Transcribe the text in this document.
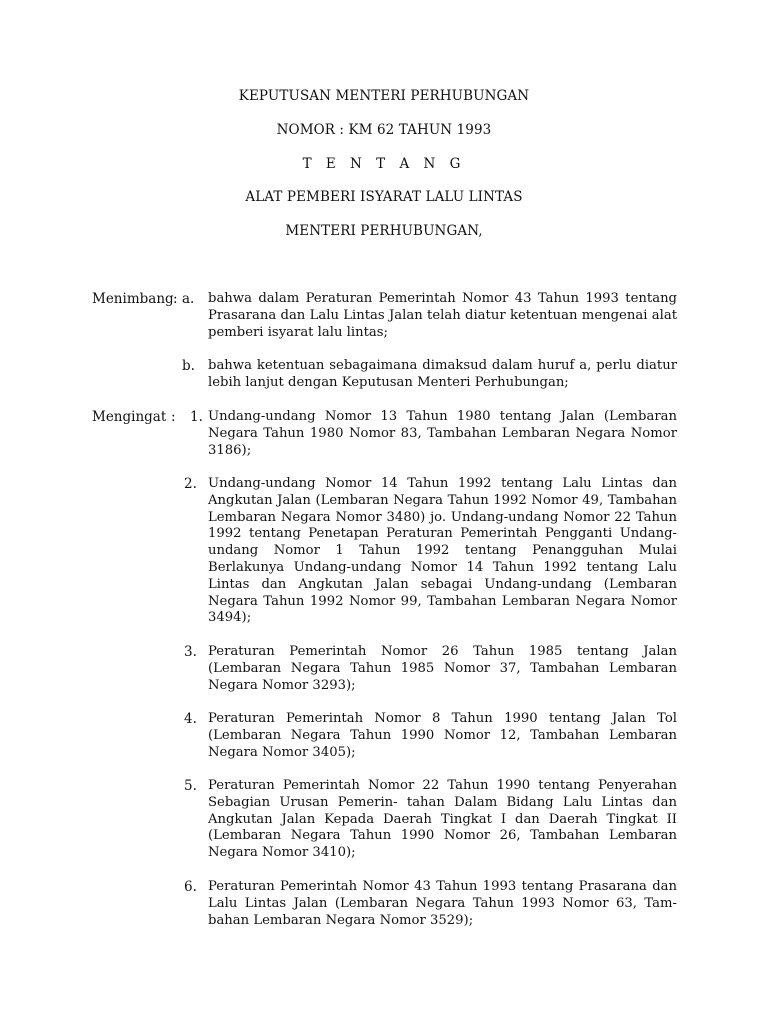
KEPUTUSAN MENTERI PERHUBUNGAN
NOMOR : KM 62 TAHUN 1993
T E N T A N G
ALAT PEMBERI ISYARAT LALU LINTAS
MENTERI PERHUBUNGAN,
Menimbang : a. bahwa dalam Peraturan Pemerintah Nomor 43 Tahun 1993 tentang Prasarana dan Lalu Lintas Jalan telah diatur ketentuan mengenai alat pemberi isyarat lalu lintas;
b. bahwa ketentuan sebagaimana dimaksud dalam huruf a, perlu diatur lebih lanjut dengan Keputusan Menteri Perhubungan;
Mengingat : 1. Undang-undang Nomor 13 Tahun 1980 tentang Jalan (Lembaran Negara Tahun 1980 Nomor 83, Tambahan Lembaran Negara Nomor 3186);
2. Undang-undang Nomor 14 Tahun 1992 tentang Lalu Lintas dan Angkutan Jalan (Lembaran Negara Tahun 1992 Nomor 49, Tambahan Lembaran Negara Nomor 3480) jo. Undang-undang Nomor 22 Tahun 1992 tentang Penetapan Peraturan Pemerintah Pengganti Undang-undang Nomor 1 Tahun 1992 tentang Penangguhan Mulai Berlakunya Undang-undang Nomor 14 Tahun 1992 tentang Lalu Lintas dan Angkutan Jalan sebagai Undang-undang (Lembaran Negara Tahun 1992 Nomor 99, Tambahan Lembaran Negara Nomor 3494);
3. Peraturan Pemerintah Nomor 26 Tahun 1985 tentang Jalan (Lembaran Negara Tahun 1985 Nomor 37, Tambahan Lembaran Negara Nomor 3293);
4. Peraturan Pemerintah Nomor 8 Tahun 1990 tentang Jalan Tol (Lembaran Negara Tahun 1990 Nomor 12, Tambahan Lembaran Negara Nomor 3405);
5. Peraturan Pemerintah Nomor 22 Tahun 1990 tentang Penyerahan Sebagian Urusan Pemerin- tahan Dalam Bidang Lalu Lintas dan Angkutan Jalan Kepada Daerah Tingkat I dan Daerah Tingkat II (Lembaran Negara Tahun 1990 Nomor 26, Tambahan Lembaran Negara Nomor 3410);
6. Peraturan Pemerintah Nomor 43 Tahun 1993 tentang Prasarana dan Lalu Lintas Jalan (Lembaran Negara Tahun 1993 Nomor 63, Tam- bahan Lembaran Negara Nomor 3529);
